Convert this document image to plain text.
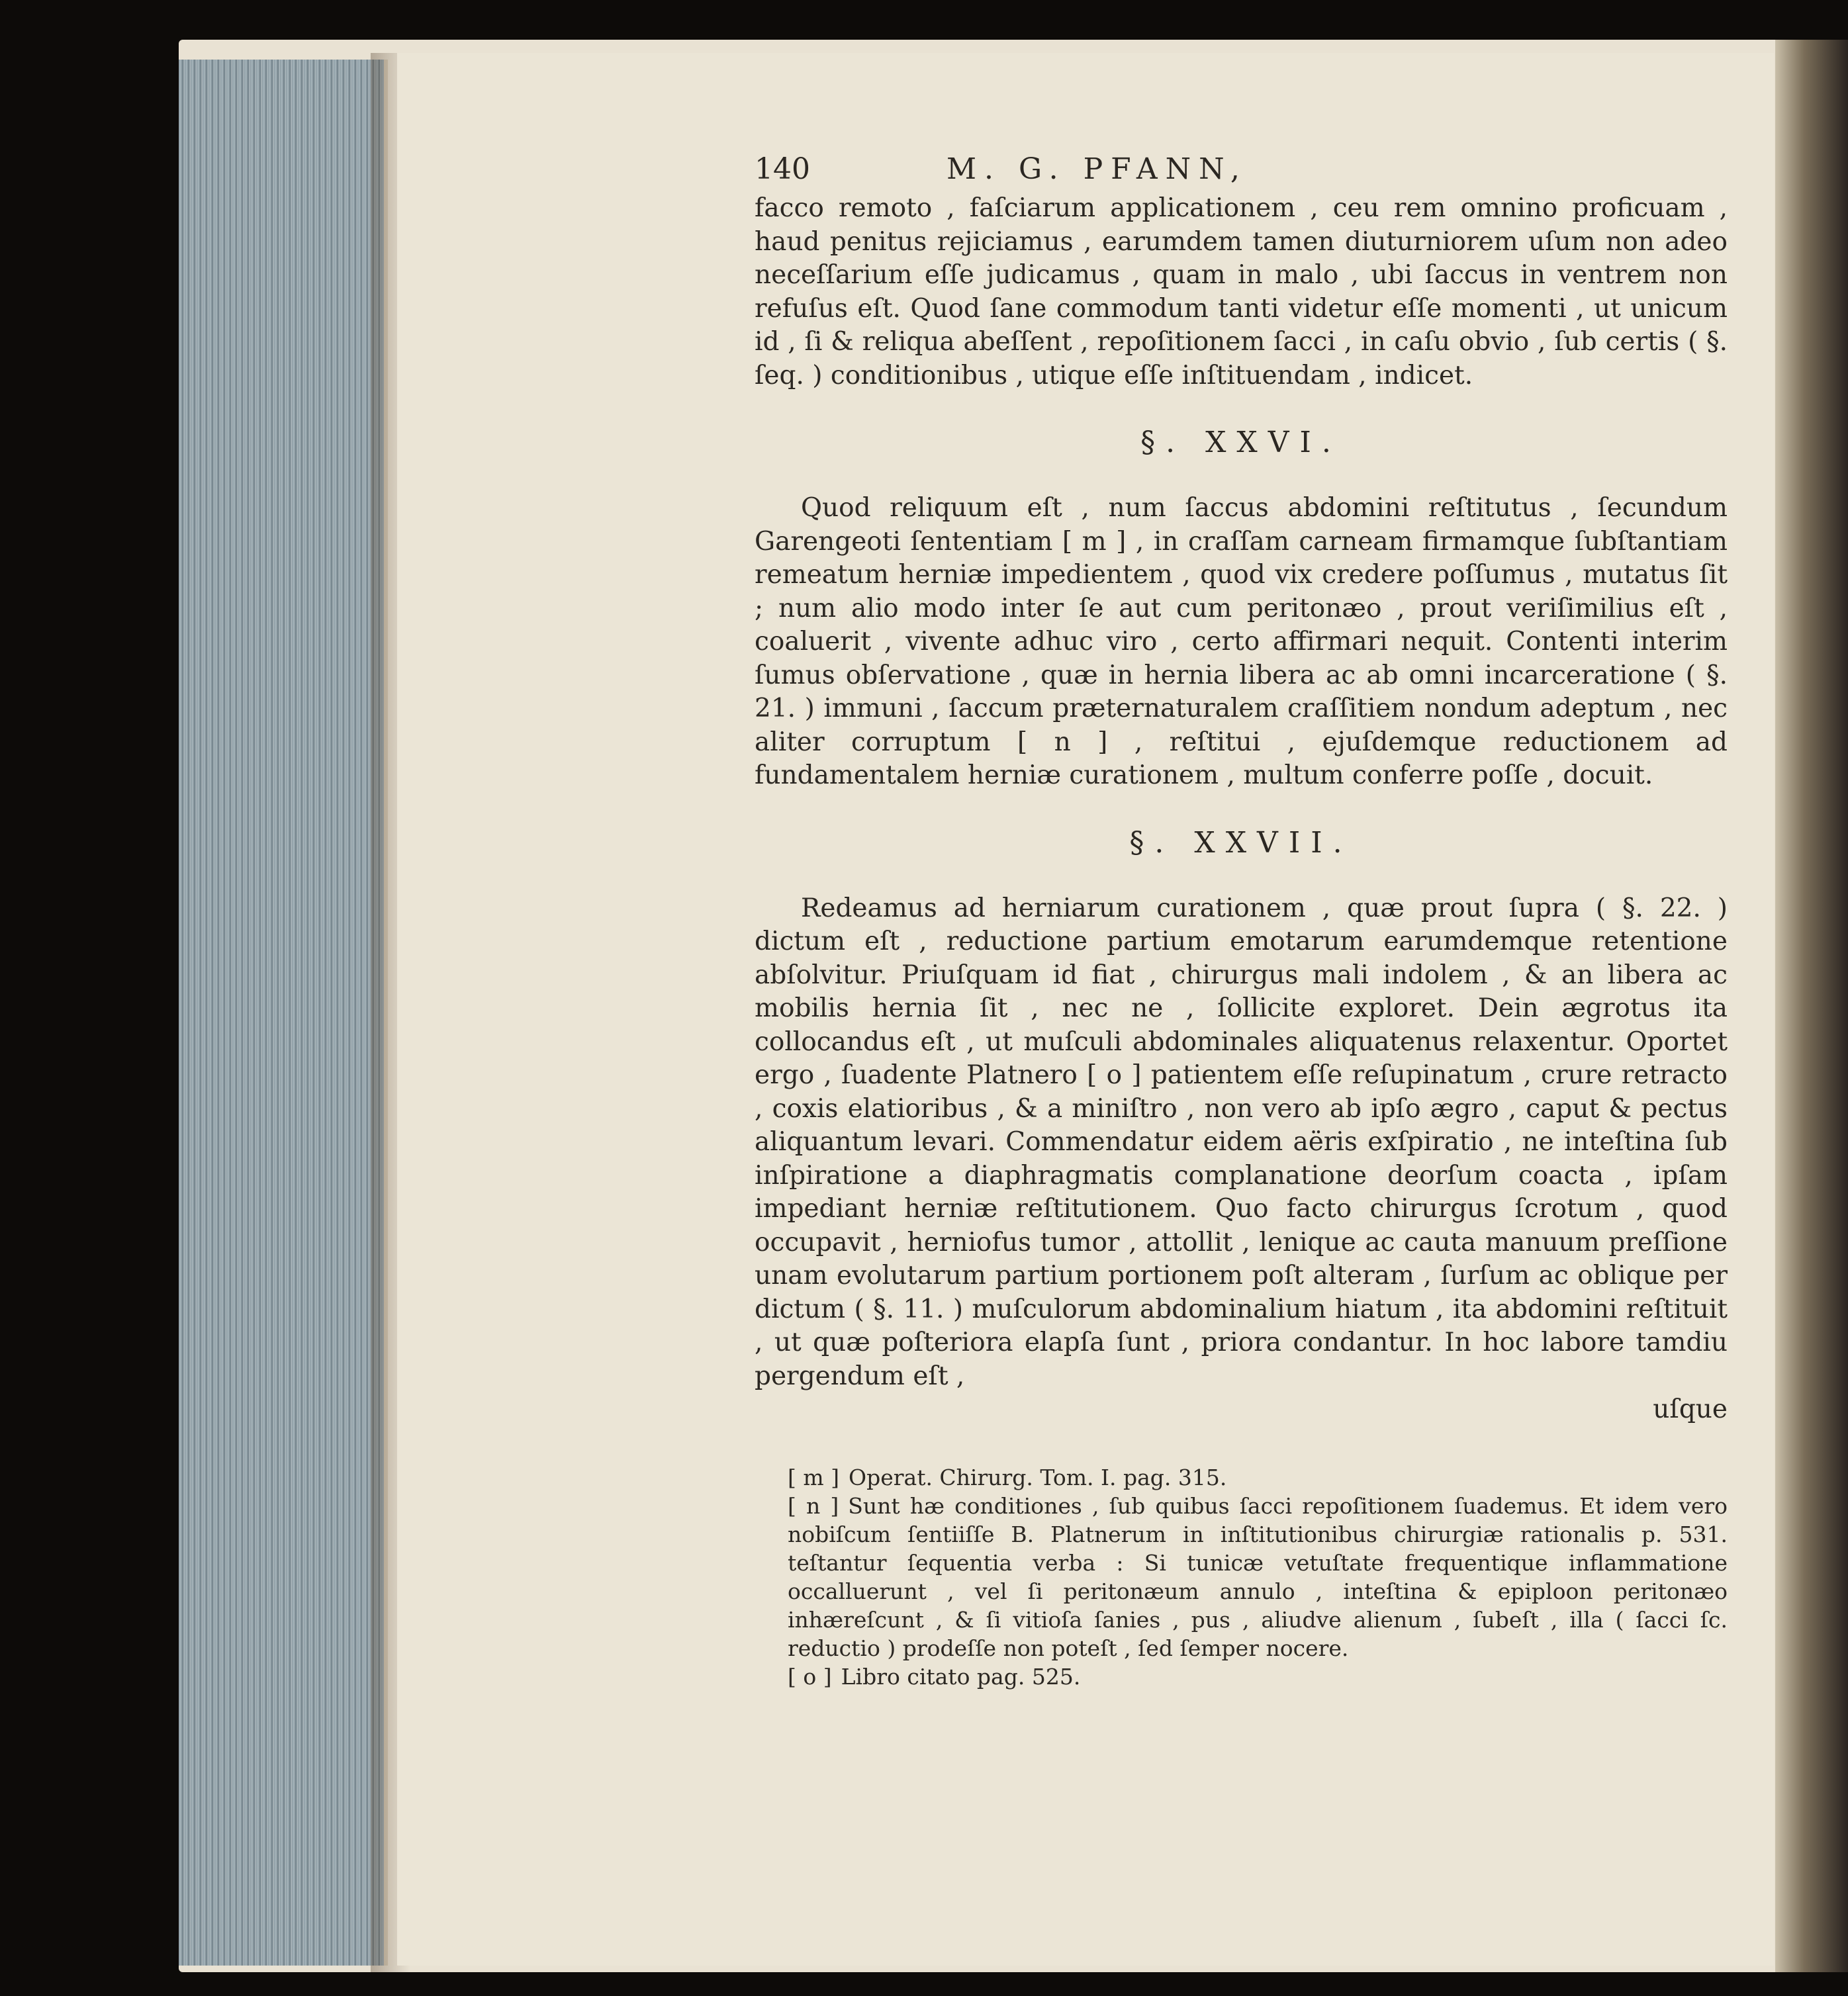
140	M. G. PFANN,

facco remoto , faſciarum applicationem , ceu rem omnino proficuam , haud penitus rejiciamus , earumdem tamen diuturniorem uſum non adeo neceſſarium eſſe judicamus , quam in malo , ubi ſaccus in ventrem non refuſus eſt. Quod ſane commodum tanti videtur eſſe momenti , ut unicum id , ſi & reliqua abeſſent , repoſitionem ſacci , in caſu obvio , ſub certis ( §. ſeq. ) conditionibus , utique eſſe inſtituendam , indicet.

§. XXVI.

Quod reliquum eſt , num ſaccus abdomini reſtitutus , ſecundum Garengeoti ſententiam [ m ] , in craſſam carneam firmamque ſubſtantiam remeatum herniæ impedientem , quod vix credere poſſumus , mutatus ſit ; num alio modo inter ſe aut cum peritonæo , prout veriſimilius eſt , coaluerit , vivente adhuc viro , certo affirmari nequit. Contenti interim ſumus obſervatione , quæ in hernia libera ac ab omni incarceratione ( §. 21. ) immuni , ſaccum præternaturalem craſſitiem nondum adeptum , nec aliter corruptum [ n ] , reſtitui , ejuſdemque reductionem ad fundamentalem herniæ curationem , multum conferre poſſe , docuit.

§. XXVII.

Redeamus ad herniarum curationem , quæ prout ſupra ( §. 22. ) dictum eſt , reductione partium emotarum earumdemque retentione abſolvitur. Priuſquam id fiat , chirurgus mali indolem , & an libera ac mobilis hernia ſit , nec ne , ſollicite exploret. Dein ægrotus ita collocandus eſt , ut muſculi abdominales aliquatenus relaxentur. Oportet ergo , ſuadente Platnero [ o ] patientem eſſe reſupinatum , crure retracto , coxis elatioribus , & a miniſtro , non vero ab ipſo ægro , caput & pectus aliquantum levari. Commendatur eidem aëris exſpiratio , ne inteſtina ſub inſpiratione a diaphragmatis complanatione deorſum coacta , ipſam impediant herniæ reſtitutionem. Quo facto chirurgus ſcrotum , quod occupavit , herniofus tumor , attollit , lenique ac cauta manuum preſſione unam evolutarum partium portionem poſt alteram , ſurſum ac oblique per dictum ( §. 11. ) muſculorum abdominalium hiatum , ita abdomini reſtituit , ut quæ poſteriora elapſa ſunt , priora condantur. In hoc labore tamdiu pergendum eſt ,

uſque

[ m ] Operat. Chirurg. Tom. I. pag. 315.

[ n ] Sunt hæ conditiones , ſub quibus ſacci repoſitionem ſuademus. Et idem vero nobiſcum ſentiiſſe B. Platnerum in inſtitutionibus chirurgiæ rationalis p. 531. teſtantur ſequentia verba : Si tunicæ vetuſtate frequentique inflammatione occalluerunt , vel ſi peritonæum annulo , inteſtina & epiploon peritonæo inhæreſcunt , & ſi vitioſa ſanies , pus , aliudve alienum , ſubeſt , illa ( ſacci ſc. reductio ) prodeſſe non poteſt , ſed ſemper nocere.

[ o ] Libro citato pag. 525.
